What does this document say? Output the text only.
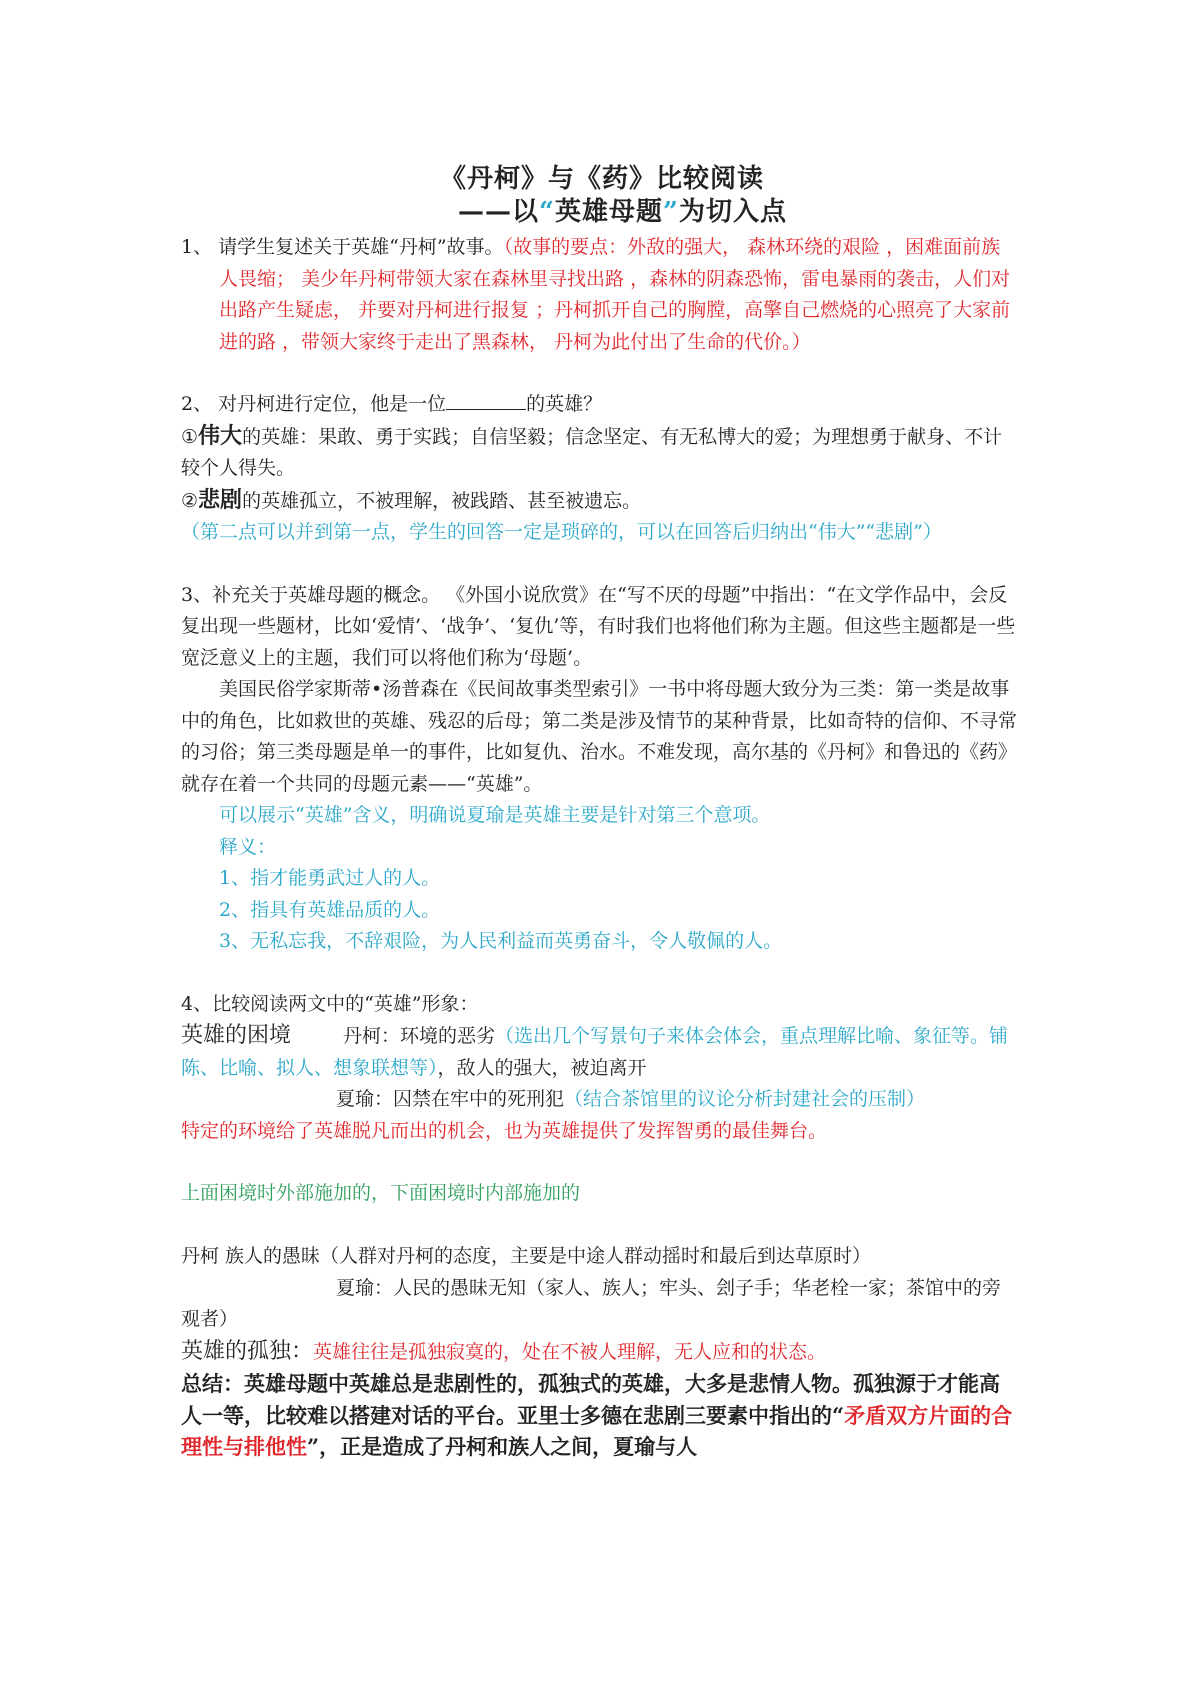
《丹柯》与《药》比较阅读
——以“英雄母题”为切入点

1、 请学生复述关于英雄“丹柯”故事。（故事的要点：外敌的强大， 森林环绕的艰险 ，困难面前族人畏缩； 美少年丹柯带领大家在森林里寻找出路 ，森林的阴森恐怖，雷电暴雨的袭击，人们对出路产生疑虑， 并要对丹柯进行报复 ；丹柯抓开自己的胸膛，高擎自己燃烧的心照亮了大家前进的路 ，带领大家终于走出了黑森林， 丹柯为此付出了生命的代价。）

2、 对丹柯进行定位，他是一位	的英雄？

①伟大的英雄：果敢、勇于实践；自信坚毅；信念坚定、有无私博大的爱；为理想勇于献身、不计较个人得失。

②悲剧的英雄孤立，不被理解，被践踏、甚至被遗忘。

（第二点可以并到第一点，学生的回答一定是琐碎的，可以在回答后归纳出“伟大”“悲剧”）

3、补充关于英雄母题的概念。 《外国小说欣赏》在“写不厌的母题”中指出：“在文学作品中，会反复出现一些题材，比如‘爱情’、‘战争’、‘复仇’等，有时我们也将他们称为主题。但这些主题都是一些宽泛意义上的主题，我们可以将他们称为‘母题’。

美国民俗学家斯蒂•汤普森在《民间故事类型索引》一书中将母题大致分为三类：第一类是故事中的角色，比如救世的英雄、残忍的后母；第二类是涉及情节的某种背景，比如奇特的信仰、不寻常的习俗；第三类母题是单一的事件，比如复仇、治水。不难发现，高尔基的《丹柯》和鲁迅的《药》就存在着一个共同的母题元素——“英雄”。

可以展示“英雄”含义，明确说夏瑜是英雄主要是针对第三个意项。

释义：

1、指才能勇武过人的人。

2、指具有英雄品质的人。

3、无私忘我，不辞艰险，为人民利益而英勇奋斗，令人敬佩的人。

4、比较阅读两文中的“英雄”形象：

英雄的困境	丹柯：环境的恶劣（选出几个写景句子来体会体会，重点理解比喻、象征等。铺陈、比喻、拟人、想象联想等），敌人的强大，被迫离开

夏瑜：囚禁在牢中的死刑犯（结合茶馆里的议论分析封建社会的压制）

特定的环境给了英雄脱凡而出的机会，也为英雄提供了发挥智勇的最佳舞台。

上面困境时外部施加的，下面困境时内部施加的

丹柯 族人的愚昧（人群对丹柯的态度，主要是中途人群动摇时和最后到达草原时）

夏瑜：人民的愚昧无知（家人、族人；牢头、刽子手；华老栓一家；茶馆中的旁观者）

英雄的孤独：英雄往往是孤独寂寞的，处在不被人理解，无人应和的状态。

总结：英雄母题中英雄总是悲剧性的，孤独式的英雄，大多是悲情人物。孤独源于才能高人一等，比较难以搭建对话的平台。亚里士多德在悲剧三要素中指出的“矛盾双方片面的合理性与排他性”，正是造成了丹柯和族人之间，夏瑜与人
